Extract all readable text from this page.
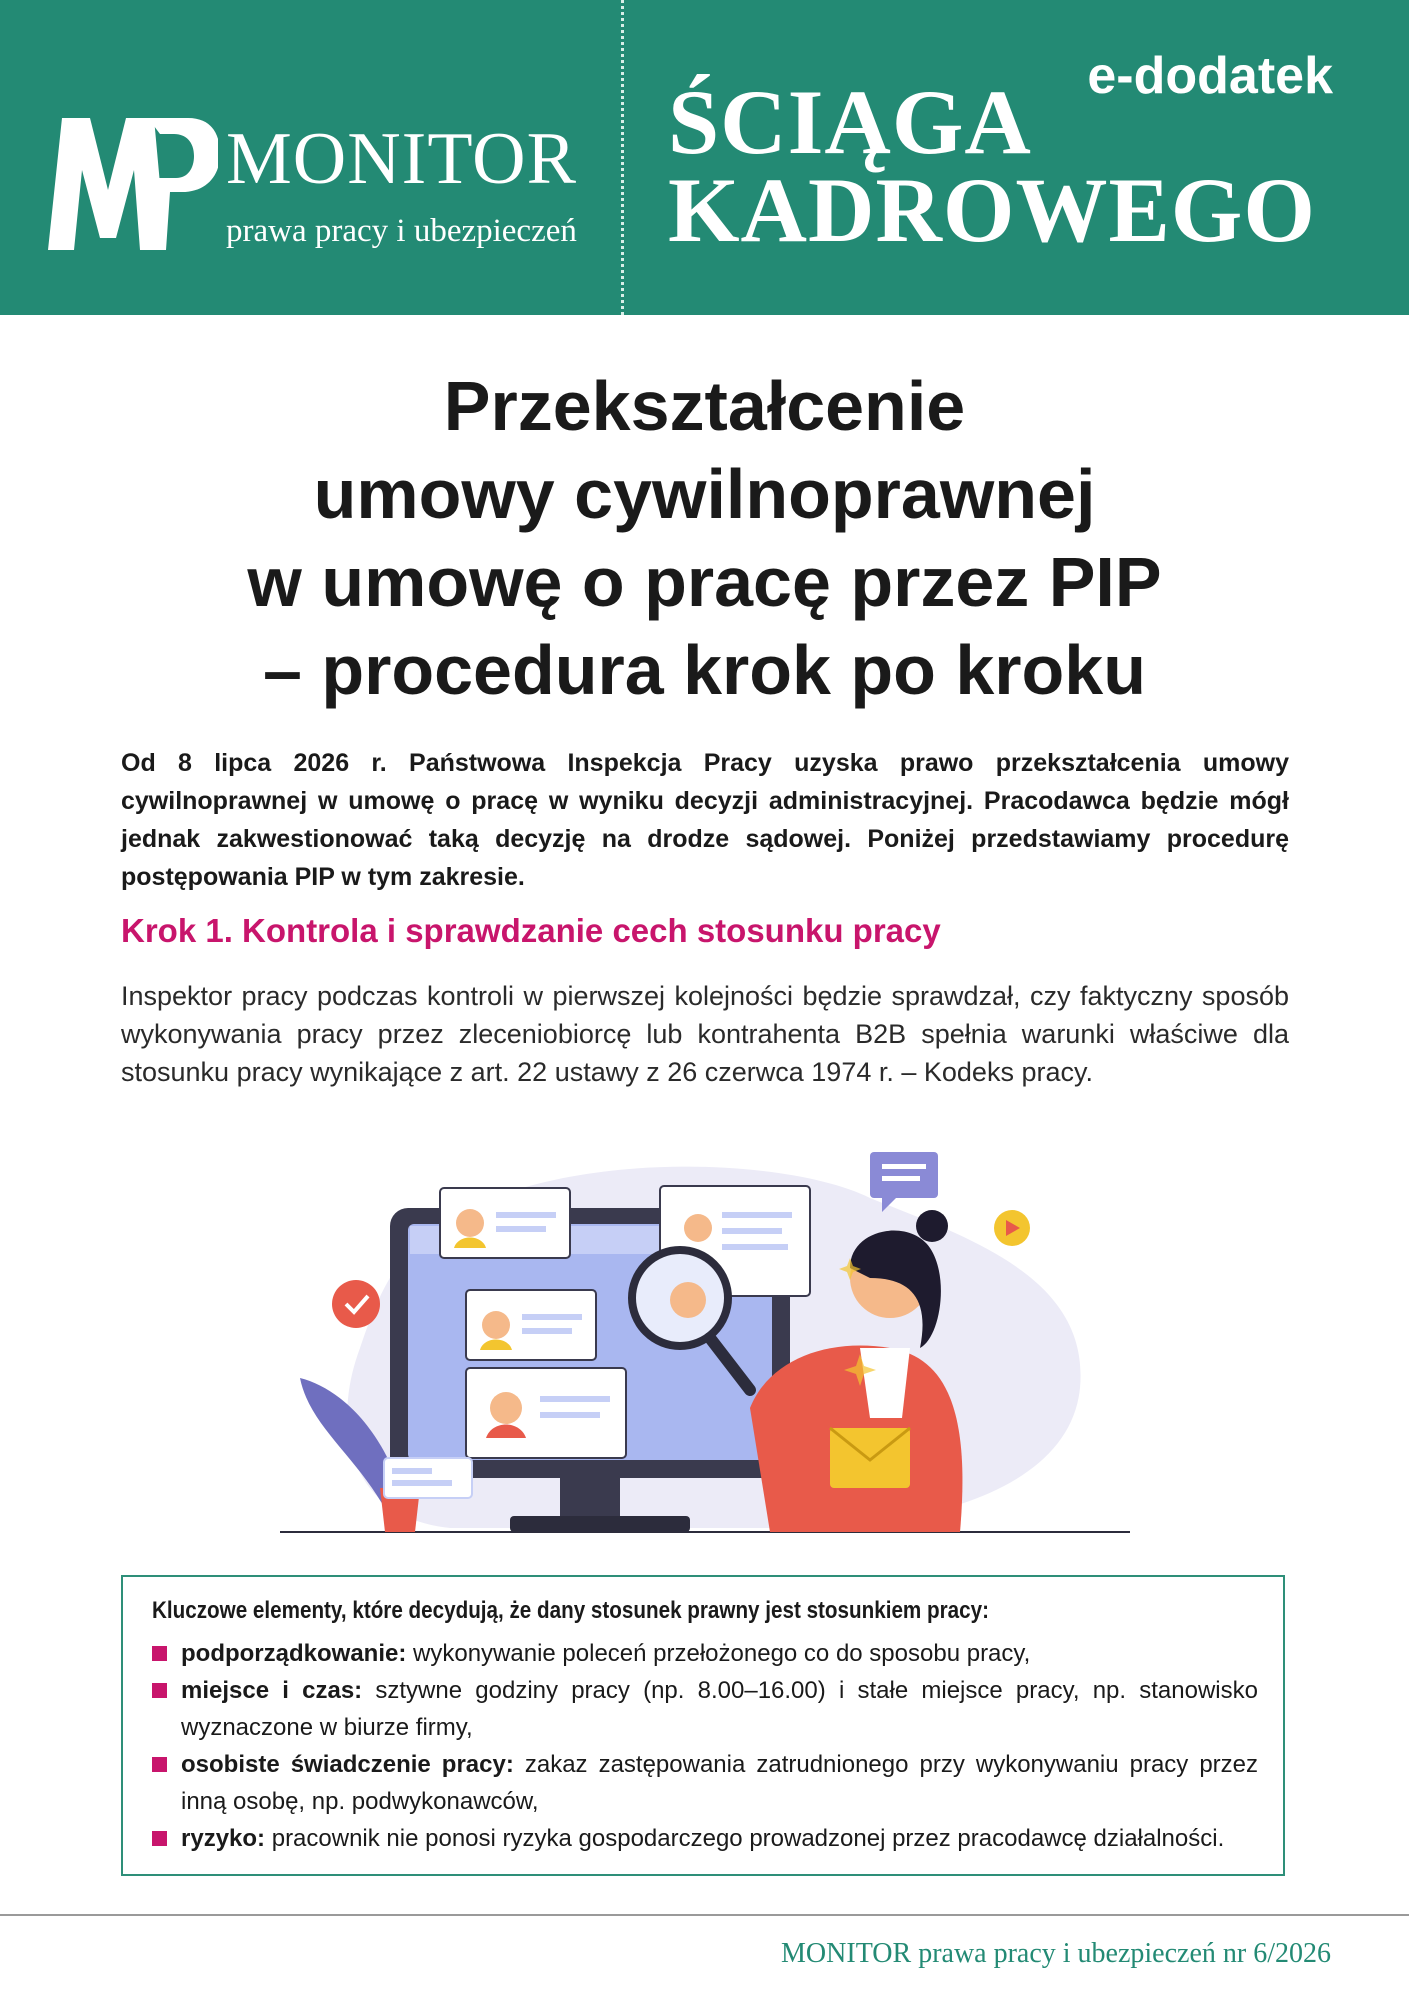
MONITOR
prawa pracy i ubezpieczeń
e-dodatek
ŚCIĄGA
KADROWEGO
Przekształcenie
umowy cywilnoprawnej
w umowę o pracę przez PIP
– procedura krok po kroku

Od 8 lipca 2026 r. Państwowa Inspekcja Pracy uzyska prawo przekształcenia umowy cywilnoprawnej w umowę o pracę w wyniku decyzji administracyjnej. Pracodawca będzie mógł jednak zakwestionować taką decyzję na drodze sądowej. Poniżej przedstawiamy procedurę postępowania PIP w tym zakresie.

Krok 1. Kontrola i sprawdzanie cech stosunku pracy

Inspektor pracy podczas kontroli w pierwszej kolejności będzie sprawdzał, czy faktyczny sposób wykonywania pracy przez zleceniobiorcę lub kontrahenta B2B spełnia warunki właściwe dla stosunku pracy wynikające z art. 22 ustawy z 26 czerwca 1974 r. – Kodeks pracy.

Kluczowe elementy, które decydują, że dany stosunek prawny jest stosunkiem pracy:
podporządkowanie: wykonywanie poleceń przełożonego co do sposobu pracy,
miejsce i czas: sztywne godziny pracy (np. 8.00–16.00) i stałe miejsce pracy, np. stanowisko wyznaczone w biurze firmy,
osobiste świadczenie pracy: zakaz zastępowania zatrudnionego przy wykonywaniu pracy przez inną osobę, np. podwykonawców,
ryzyko: pracownik nie ponosi ryzyka gospodarczego prowadzonej przez pracodawcę działalności.
MONITOR prawa pracy i ubezpieczeń nr 6/2026
